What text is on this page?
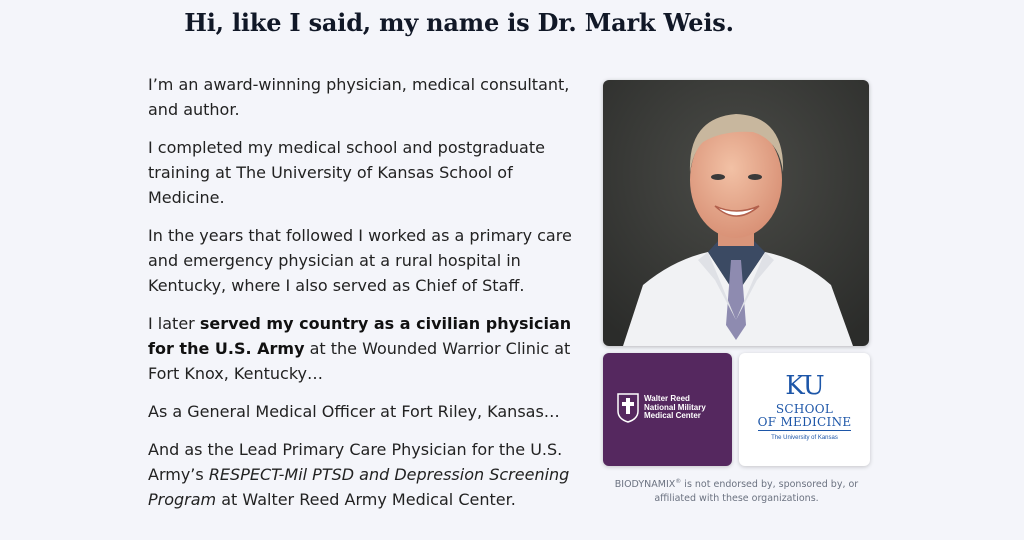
Hi, like I said, my name is Dr. Mark Weis.

I’m an award-winning physician, medical consultant, and author.

I completed my medical school and postgraduate training at The University of Kansas School of Medicine.

In the years that followed I worked as a primary care and emergency physician at a rural hospital in Kentucky, where I also served as Chief of Staff.

I later served my country as a civilian physician for the U.S. Army at the Wounded Warrior Clinic at Fort Knox, Kentucky…

As a General Medical Officer at Fort Riley, Kansas…

And as the Lead Primary Care Physician for the U.S. Army’s RESPECT-Mil PTSD and Depression Screening Program at Walter Reed Army Medical Center.

Walter Reed
National Military
Medical Center
KU
SCHOOL
OF MEDICINE
The University of Kansas
BIODYNAMIX® is not endorsed by, sponsored by, or affiliated with these organizations.
